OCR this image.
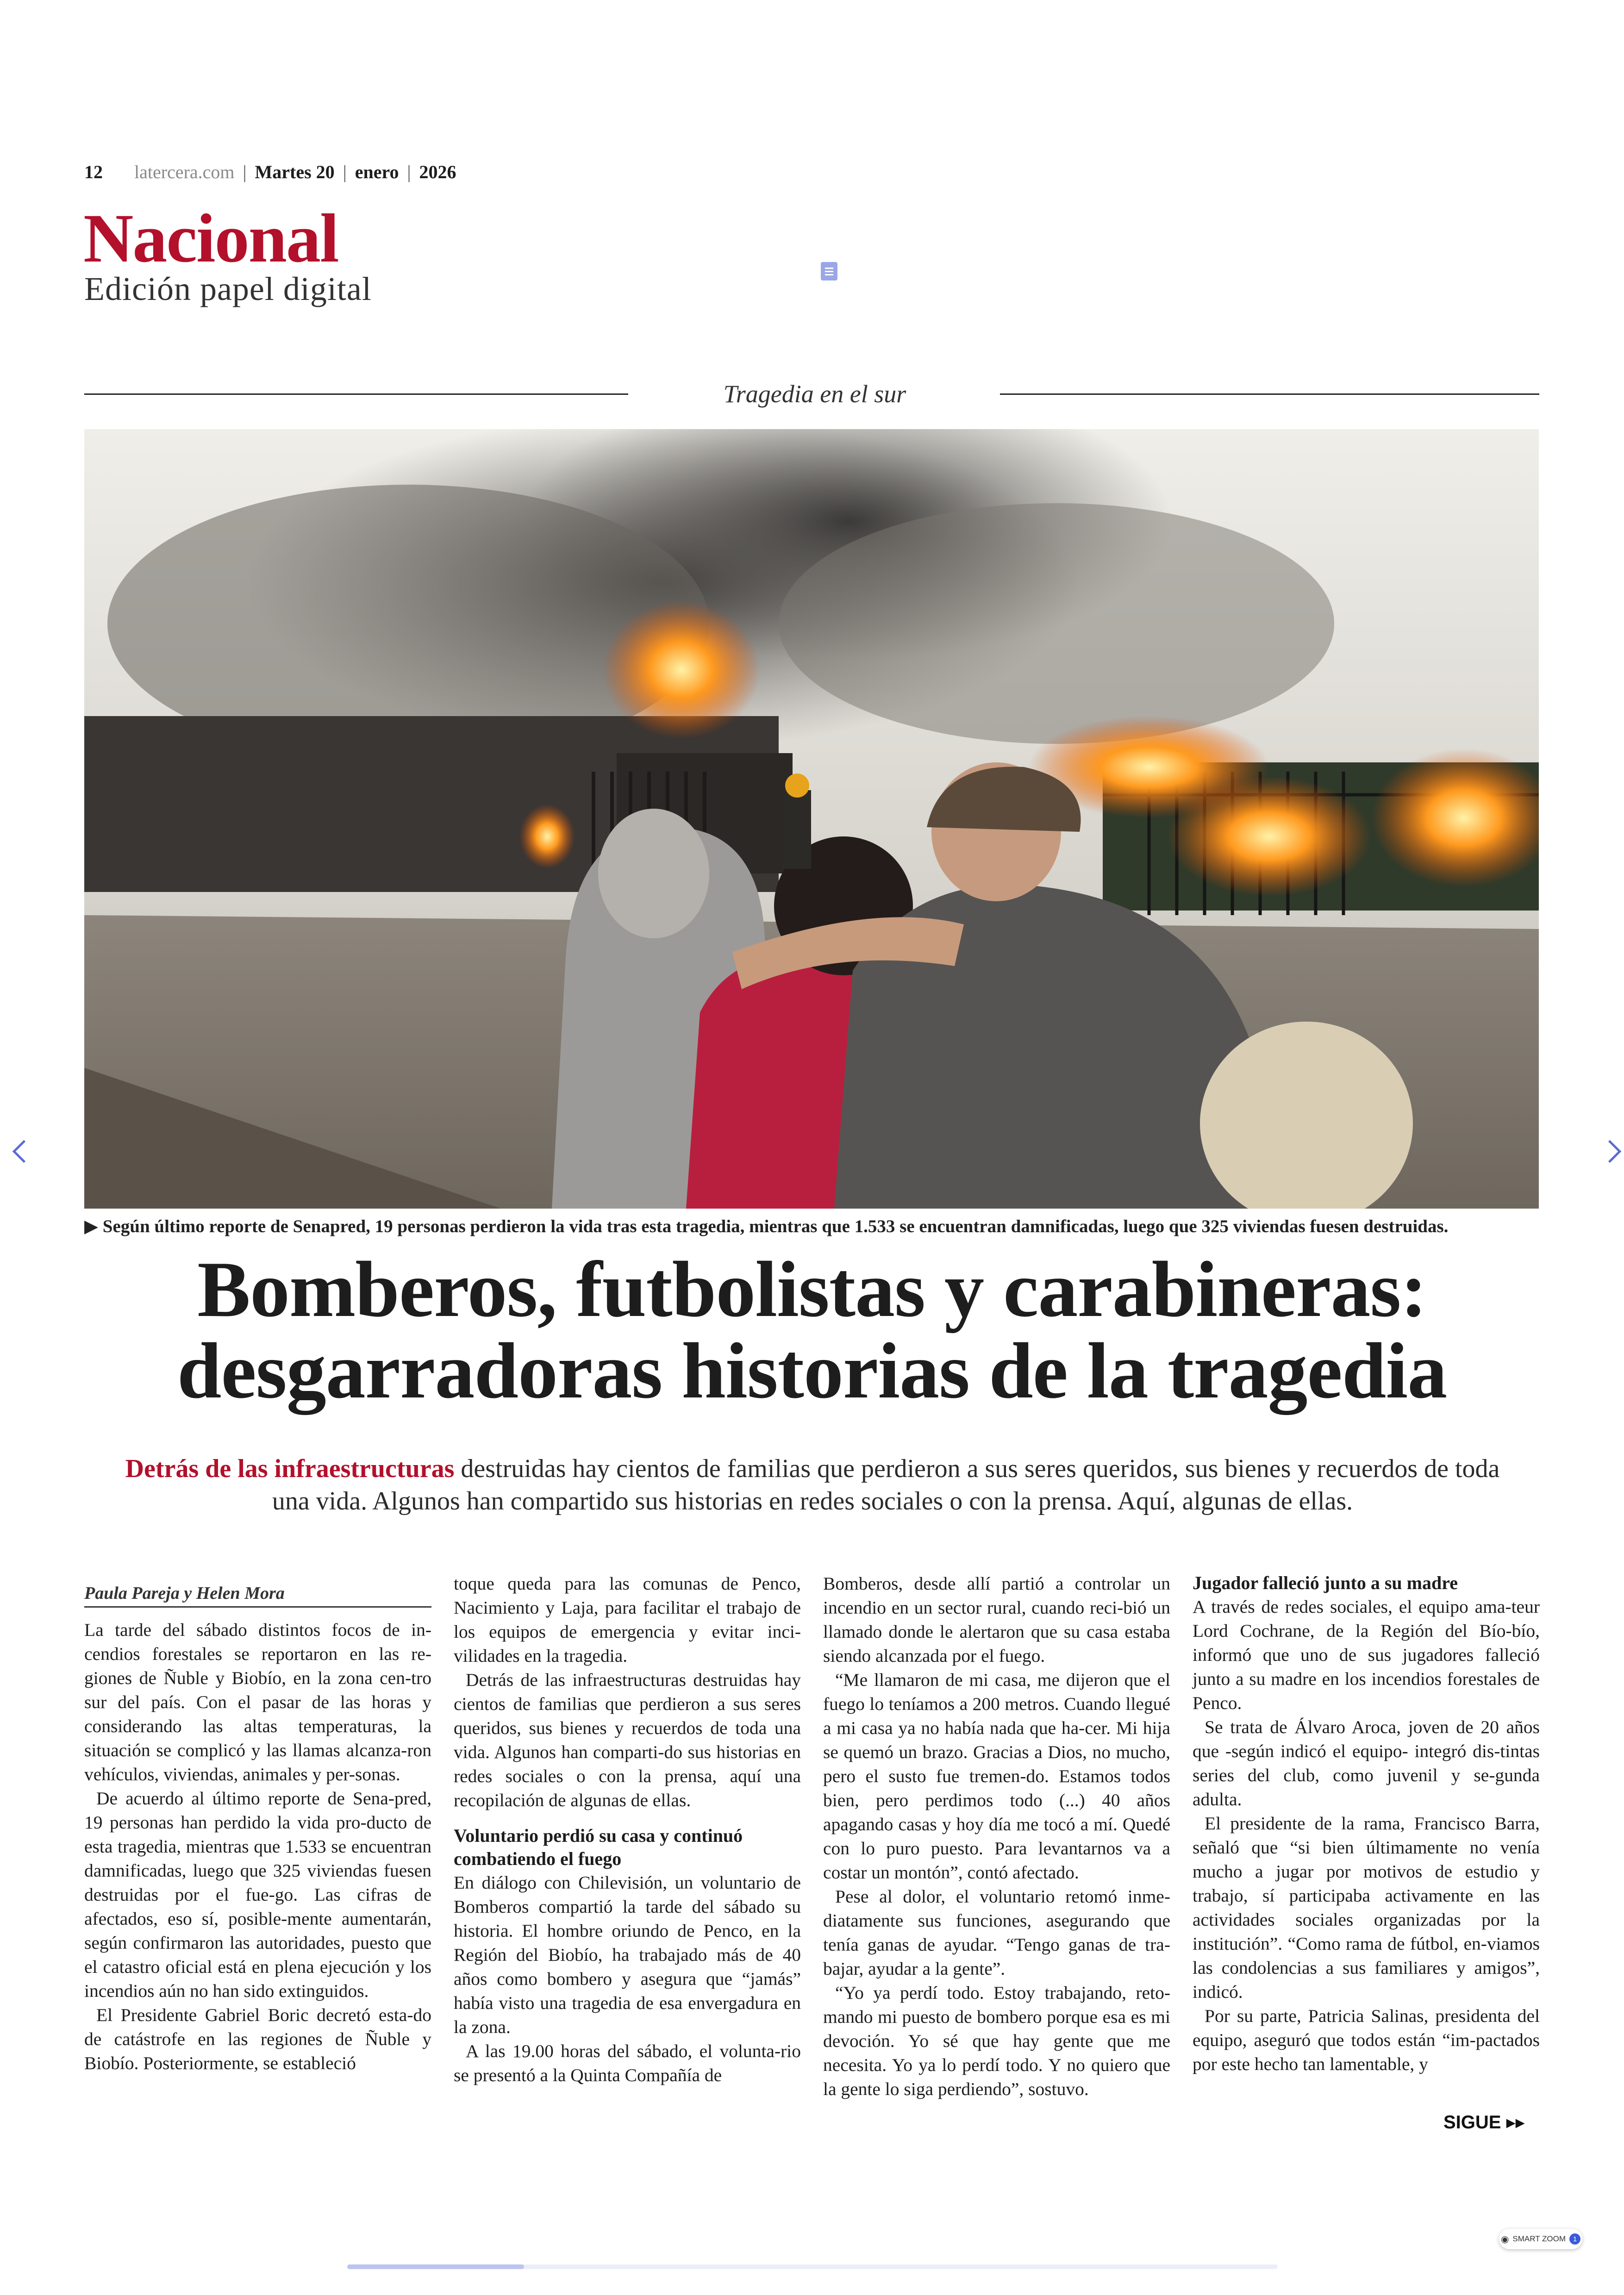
12 latercera.com | Martes 20 | enero | 2026
Nacional
Edición papel digital
Tragedia en el sur
▶ Según último reporte de Senapred, 19 personas perdieron la vida tras esta tragedia, mientras que 1.533 se encuentran damnificadas, luego que 325 viviendas fuesen destruidas.
Bomberos, futbolistas y carabineras:
desgarradoras historias de la tragedia
Detrás de las infraestructuras destruidas hay cientos de familias que perdieron a sus seres queridos, sus bienes y recuerdos de toda una vida. Algunos han compartido sus historias en redes sociales o con la prensa. Aquí, algunas de ellas.
Paula Pareja y Helen Mora

La tarde del sábado distintos focos de in-cendios forestales se reportaron en las re-giones de Ñuble y Biobío, en la zona cen-tro sur del país. Con el pasar de las horas y considerando las altas temperaturas, la situación se complicó y las llamas alcanza-ron vehículos, viviendas, animales y per-sonas.

De acuerdo al último reporte de Sena-pred, 19 personas han perdido la vida pro-ducto de esta tragedia, mientras que 1.533 se encuentran damnificadas, luego que 325 viviendas fuesen destruidas por el fue-go. Las cifras de afectados, eso sí, posible-mente aumentarán, según confirmaron las autoridades, puesto que el catastro oficial está en plena ejecución y los incendios aún no han sido extinguidos.

El Presidente Gabriel Boric decretó esta-do de catástrofe en las regiones de Ñuble y Biobío. Posteriormente, se estableció

toque queda para las comunas de Penco, Nacimiento y Laja, para facilitar el trabajo de los equipos de emergencia y evitar inci-vilidades en la tragedia.

Detrás de las infraestructuras destruidas hay cientos de familias que perdieron a sus seres queridos, sus bienes y recuerdos de toda una vida. Algunos han comparti-do sus historias en redes sociales o con la prensa, aquí una recopilación de algunas de ellas.

Voluntario perdió su casa y continuó combatiendo el fuego

En diálogo con Chilevisión, un voluntario de Bomberos compartió la tarde del sábado su historia. El hombre oriundo de Penco, en la Región del Biobío, ha trabajado más de 40 años como bombero y asegura que “jamás” había visto una tragedia de esa envergadura en la zona.

A las 19.00 horas del sábado, el volunta-rio se presentó a la Quinta Compañía de

Bomberos, desde allí partió a controlar un incendio en un sector rural, cuando reci-bió un llamado donde le alertaron que su casa estaba siendo alcanzada por el fuego.

“Me llamaron de mi casa, me dijeron que el fuego lo teníamos a 200 metros. Cuando llegué a mi casa ya no había nada que ha-cer. Mi hija se quemó un brazo. Gracias a Dios, no mucho, pero el susto fue tremen-do. Estamos todos bien, pero perdimos todo (...) 40 años apagando casas y hoy día me tocó a mí. Quedé con lo puro puesto. Para levantarnos va a costar un montón”, contó afectado.

Pese al dolor, el voluntario retomó inme-diatamente sus funciones, asegurando que tenía ganas de ayudar. “Tengo ganas de tra-bajar, ayudar a la gente”.

“Yo ya perdí todo. Estoy trabajando, reto-mando mi puesto de bombero porque esa es mi devoción. Yo sé que hay gente que me necesita. Yo ya lo perdí todo. Y no quiero que la gente lo siga perdiendo”, sostuvo.

Jugador falleció junto a su madre

A través de redes sociales, el equipo ama-teur Lord Cochrane, de la Región del Bío-bío, informó que uno de sus jugadores falleció junto a su madre en los incendios forestales de Penco.

Se trata de Álvaro Aroca, joven de 20 años que -según indicó el equipo- integró dis-tintas series del club, como juvenil y se-gunda adulta.

El presidente de la rama, Francisco Barra, señaló que “si bien últimamente no venía mucho a jugar por motivos de estudio y trabajo, sí participaba activamente en las actividades sociales organizadas por la institución”. “Como rama de fútbol, en-viamos las condolencias a sus familiares y amigos”, indicó.

Por su parte, Patricia Salinas, presidenta del equipo, aseguró que todos están “im-pactados por este hecho tan lamentable, y

SIGUE ▸▸
◉ SMART ZOOM	1
